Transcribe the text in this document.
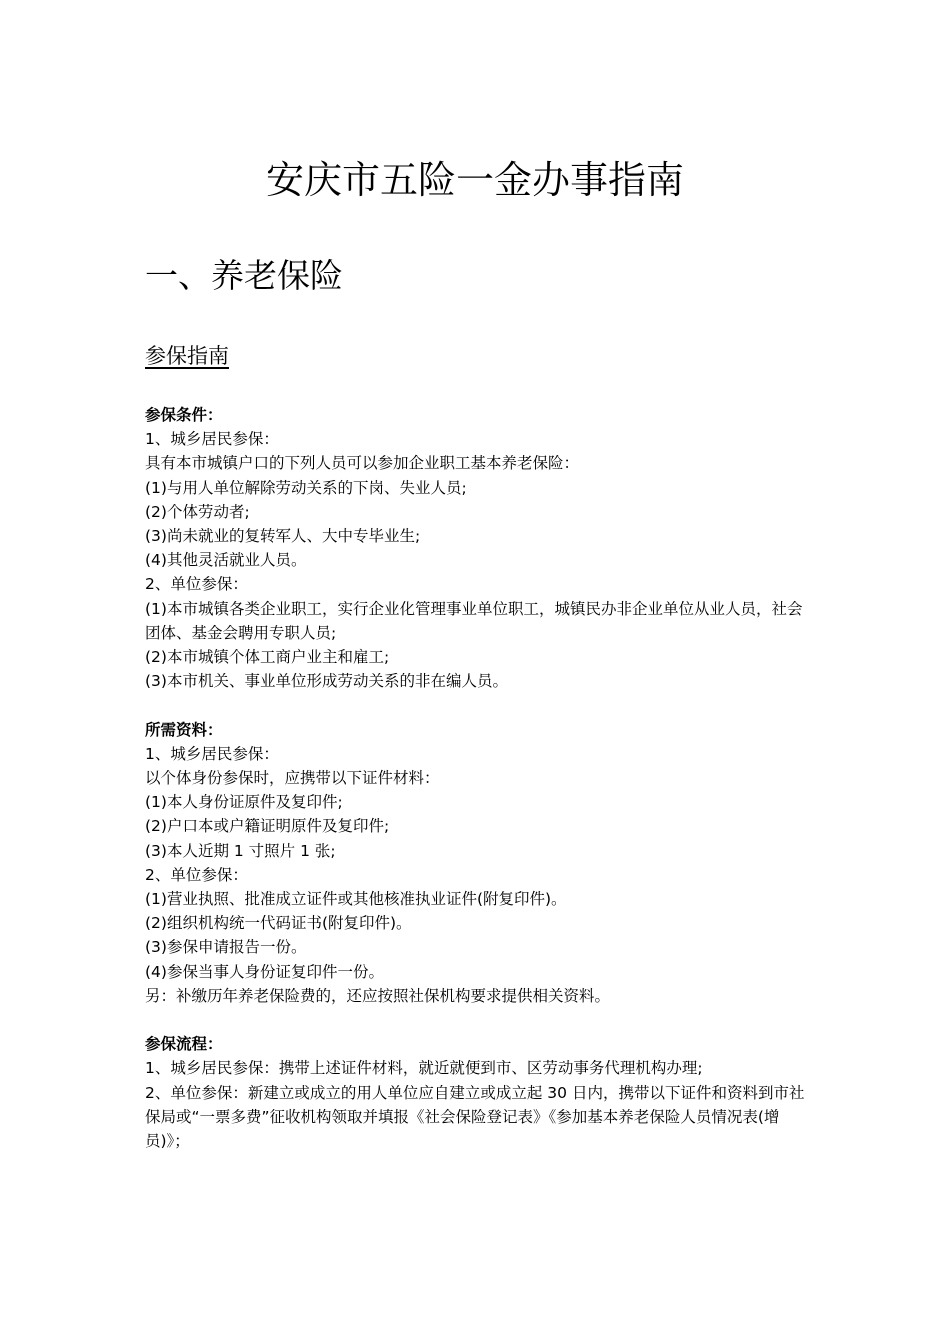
安庆市五险一金办事指南
一、养老保险
参保指南

参保条件：

1、城乡居民参保：

具有本市城镇户口的下列人员可以参加企业职工基本养老保险：

(1)与用人单位解除劳动关系的下岗、失业人员;

(2)个体劳动者;

(3)尚未就业的复转军人、大中专毕业生;

(4)其他灵活就业人员。

2、单位参保：

(1)本市城镇各类企业职工，实行企业化管理事业单位职工，城镇民办非企业单位从业人员，社会团体、基金会聘用专职人员;

(2)本市城镇个体工商户业主和雇工;

(3)本市机关、事业单位形成劳动关系的非在编人员。

所需资料：

1、城乡居民参保：

以个体身份参保时，应携带以下证件材料：

(1)本人身份证原件及复印件;

(2)户口本或户籍证明原件及复印件;

(3)本人近期 1 寸照片 1 张;

2、单位参保：

(1)营业执照、批准成立证件或其他核准执业证件(附复印件)。

(2)组织机构统一代码证书(附复印件)。

(3)参保申请报告一份。

(4)参保当事人身份证复印件一份。

另：补缴历年养老保险费的，还应按照社保机构要求提供相关资料。

参保流程：

1、城乡居民参保：携带上述证件材料，就近就便到市、区劳动事务代理机构办理;

2、单位参保：新建立或成立的用人单位应自建立或成立起 30 日内，携带以下证件和资料到市社保局或“一票多费”征收机构领取并填报《社会保险登记表》《参加基本养老保险人员情况表(增员)》；
